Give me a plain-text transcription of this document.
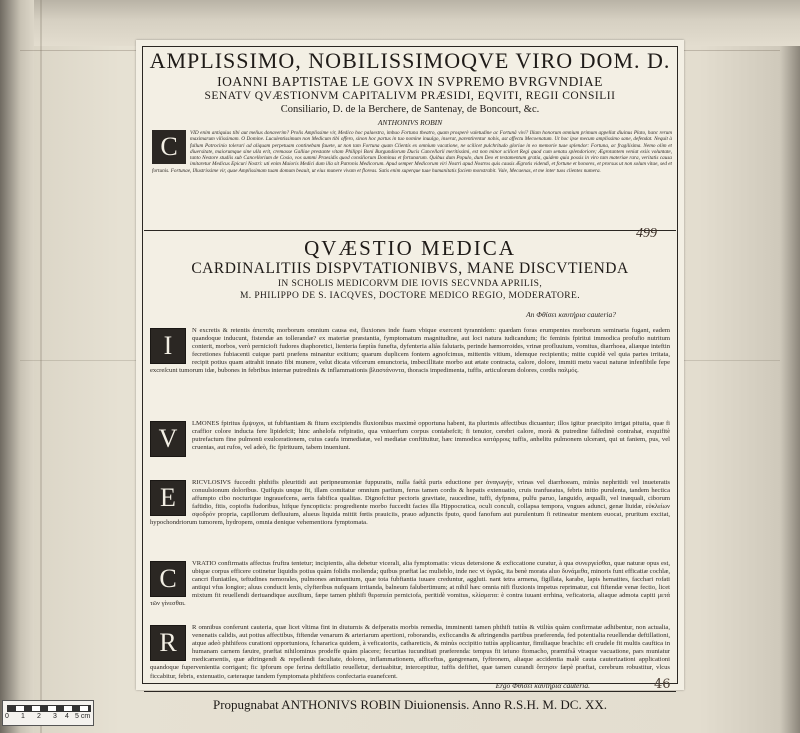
AMPLISSIMO, NOBILISSIMOQVE VIRO DOM. D.
IOANNI BAPTISTAE LE GOVX IN SVPREMO BVRGVNDIAE
SENATV QVÆSTIONVM CAPITALIVM PRÆSIDI, EQVITI, REGII CONSILII
Consiliario, D. de la Berchere, de Santenay, de Boncourt, &c.
ANTHONIVS ROBIN
VID enim antiquius tibi aut melius donaverim? Prolis Amplissime vir, Medico hoc palaestra, imbuo Fortuna theatro, quam prosperè valetudine ac Fortunâ vivi? Illam honorum omnium primum appellat diuinus Plato, hanc rerum maximarum vilissimam. O Domine. Luculentissimum non Medicum tibi offero, sinon hoc partus in tuo nomine inuulgo, inserat, parentirentur nobis, ast affectu Mecoenatum. Ut hoc ipse mecum amplissimo sane, defendat. Nequit à fallum Patrocinio tolerari ad aliquam perpetuam continebam fauete, ut non tam Fortuna quam Clientis ex omnium vacatione, ne scilicet pulchritudo gloriae in eo memorie tuae splendor: Fortuna, ac fragilisima. Nemo olim et diuersitate, maiorumque sine ulla erit, cremasse Galliae prestante vitam Philippi Boni Burgundiorum Ducis Cancellarii meritissimi, est non minor scilicet Regi quod cum senatu splendoriore; Ægrotantem veniat exiis voluntate, tanto Nestore studiis sub Cancellorium de Cosio, vos summi Praesidis quod consiliorum Dominus et fortunarum. Quibus dum Populo, dum Deo et testamentum gratia, quidem quia possis in viro tam materiae rara, veritatis causa imitaretur Medicus Epicuri Nostri: uti enim Maioris Medici dum illa sit Patronis Medicorum. Apud semper Medicorum viri Nostri apud Nostros quis causis Ægrotis videndi, et fortune et honores, et prorsus ut non solum vitae, sed et fortunis. Fortunae, Illustrissime vir, quae Amplissimam tuam domum beauit, ut eius munere vivam et floreas. Satis enim superque tuae humanitatis faciem monstrabit. Vale, Mecaenas, et me inter tuos clientes numera.
C
499
QVÆSTIO MEDICA
CARDINALITIIS DISPVTATIONIBVS, MANE DISCVTIENDA
IN SCHOLIS MEDICORVM DIE IOVIS SECVNDA APRILIS,
M. PHILIPPO DE S. IACQVES, DOCTORE MEDICO REGIO, MODERATORE.
An Φθίσει καυτήρια cauteria?
I
N excretis & retentis ἀπεπτᾶς morborum omnium causa est, fluxiones inde fuam vbique exercent tyrannidem: quædam foras erumpentes morborum seminaria fugant, eadem quandoque inducunt, fistendæ an tollerandæ? ex materiæ præstantia, fymptomatum magnitudine, aut loci natura iudicandum; fic feminis fpiritui immodica profufio nutritum conterit, morbos, verò perniciofi fudores diaphoretici, lienteria fæpiùs funefta, dyfenteria aliàs falutaris, perinde hæmorroides, vrinæ profluuium, vomitus, diarrhoea, aliæque inteftin fecretiones fubiacenti cuique parti præfens minantur exitium; quarum duplicem fontem agnofcimus, mittentis vitium, idemque recipientis; mitte cupidè vel quia partes irritata, recipit potius quam attrahit innato fibi munere, velut dicata vifcerum emunctoria, imbecillitate morbo aut ætate contracta, calore, dolore, immiti metu vacui naturæ infenfibile fepe excreſcunt tumorum idæ, bubones in febribus internæ putredinis & inflammationis βλαστάνοντα, thoracis impedimenta, tuffis, articulorum dolores, cordis παλμός.
V
LMONES fpiritus ἔμψυχοι, ut fubftantiam & fitum excipiendis fluxionibus maximè opportuna habent, ita plurimis affectibus dicuantur; illos igitur præcipito irrigat pituita, quæ fi craffior colore inducta fere lipidefcit; hinc anhelofa refpiratio, qua vniuerfum corpus contabefcit; fi tenuior, cerebri calore, morà & putredine falfedinè contrahat, exquifitè putrefactum fine pulmonü exulcerationem, cuius caufa immediatæ, vel mediatæ conftituitur, hæc immodica κατάρροις tuffis, anhelitu pulmonem ulcerant, qui ut faniem, pus, vel cruentas, aut rufos, vel adeò, fic fpirituum, tabem inueniunt.
E
RICVLOSIVS fuccedit phthifis pleuritidi aut peripneumoniæ fuppuratis, nulla faétâ puris eductione per ἀναγωγήν, vrinas vel diarrhoeam, minùs nephritidi vel inueteratis conuulsionum doloribus. Quifquis unque fit, illam comitatur omnium partium, ferus tamen cordis & hepatis extenuatio, cruis tranfueatus, febris initio purulenta, tandem hectica affumpto cibo nocturique ingrauefcens, aeris fabifica qualitas. Dignofcitur pectoris gravitate, raucedine, tuffi, dyfpnœa, pulfu paruo, languido, æqualli, vel inæquali, ciborum faftidio, fitis, copiofis fudoribus, hifque fyncopticis: progrediente morbo fuccedit facies illa Hippocratica, oculi conculi, collapsa tempora, vngues adunci, genæ liuidæ, εὐκλείων σφοδρόν propria, capillorum defluuium, alueus liquida mittit fœtis prauiciis, prauo adjunctis fputo, quod fanofum aut purulentum fi retineatur mentem euocat, pruritum excitat, hypochondriorum tumorem, hydropem, omnia denique vehementiora fymptomata.
C
VRATIO confirmatis affectus fruftra tentetur; incipientis, alia debetur vicerali, alia fymptomatis: vicus detersione & exficcatione curatur, à qua συνεργείσθαι, quæ naturæ opus est, ubique corpus efficere cotinetur liquidis potius quàm folidis molienda; quibus præftat lac mulieblo, inde nec vt ὑγρῶς, ita benè morata aluo δυνάμεθα, minoris funt efficatiæ cochlæ, cancri fluniatiles, teftudines nemorales, pulmones animantium, quæ tota fubftantia iuuare creduntur, aggluti. nant tetra armena, figillata, karabe, lapis hematites, facchari rofati antiqui vfus longior; aluus conducit lenis, clyfteribus nufquam irritanda, balneum falubertimum; at nihil hæc omnia nifi fluxionis impetus reprimatur, cui fiftendæ venæ fectio, licet mixtum fit reuellendi deriuandique auxilium, fæpe tamen phthifi θεραπεία perniciofa, peritidè vomitus, κλίσματα: è contra iuuant errhina, veficatoria, aliaque admota capiti μετά τῶν γίνεσθαι.
R
R omnibus conferunt cauteria, quæ licet vltima fint in diuturnis & defperatis morbis remedia, imminenti tamen phthifi tutiùs & vtiliùs quàm confirmatæ adhibentur, non actualia, venenatis calidis, aut potius affectibus, fiftendæ venarum & arteriarum apertioni, roborandis, exficcandis & aftringendis partibus præferenda, fed potentialia reuellendæ deftillationi, atque adeò phthifeos curationi opportuniora, fchararica quidem, à veficatoriis, cathareticis, & minùs occipitio tutiùs applicantur, fimiliaque brachiis: efi crudele fit multis cauftica in humanam carnem fæuire, præftat nihilominus prodeffe quàm placere; fecuritas iucunditati præferenda: tempus fit ieiuno ftomacho, præmifsâ vtraque vacuatione, pars muniatur medicamentis, quæ aftringendi & repellendi facultate, dolores, inflammationem, afficeftus, gangrenam, fyftronem, aliaque accidentia malè cauta cauterizationi applicationi quandoque fupervenientia corrigant; fic ipforum ope ferina deftillatio reuelletur, deriuabitur, interceptitur, tuffis defiftet, quæ tamen curandi ὄπτησιν fæpè præftat, cerebrum robustitur, vlcus ficcabitur, febris, extenuatio, cæteraque tandem fymptomata phthifeos confectaria euanefcent.
Ergo Φθίσει καυτήρια cauteria.	46
Propugnabat ANTHONIVS ROBIN Diuionensis. Anno R.S.H. M. DC. XX.
0 1 2 3 4 5 cm
